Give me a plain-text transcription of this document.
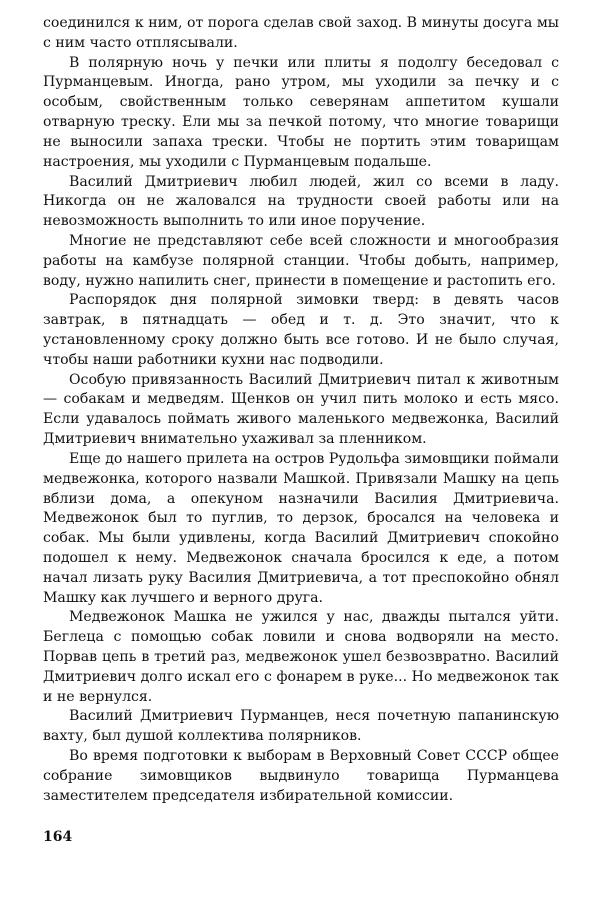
соединился к ним, от порога сделав свой заход. В минуты досуга мы с ним часто отплясывали.

В полярную ночь у печки или плиты я подолгу беседовал с Пурманцевым. Иногда, рано утром, мы уходили за печку и с особым, свойственным только северянам аппетитом кушали отварную треску. Ели мы за печкой потому, что многие товарищи не выносили запаха трески. Чтобы не портить этим товарищам настроения, мы уходили с Пурманцевым подальше.

Василий Дмитриевич любил людей, жил со всеми в ладу. Никогда он не жаловался на трудности своей работы или на невозможность выполнить то или иное поручение.

Многие не представляют себе всей сложности и многообразия работы на камбузе полярной станции. Чтобы добыть, например, воду, нужно напилить снег, принести в помещение и растопить его.

Распорядок дня полярной зимовки тверд: в девять часов завтрак, в пятнадцать — обед и т. д. Это значит, что к установленному сроку должно быть все готово. И не было случая, чтобы наши работники кухни нас подводили.

Особую привязанность Василий Дмитриевич питал к животным — собакам и медведям. Щенков он учил пить молоко и есть мясо. Если удавалось поймать живого маленького медвежонка, Василий Дмитриевич внимательно ухаживал за пленником.

Еще до нашего прилета на остров Рудольфа зимовщики поймали медвежонка, которого назвали Машкой. Привязали Машку на цепь вблизи дома, а опекуном назначили Василия Дмитриевича. Медвежонок был то пуглив, то дерзок, бросался на человека и собак. Мы были удивлены, когда Василий Дмитриевич спокойно подошел к нему. Медвежонок сначала бросился к еде, а потом начал лизать руку Василия Дмитриевича, а тот преспокойно обнял Машку как лучшего и верного друга.

Медвежонок Машка не ужился у нас, дважды пытался уйти. Беглеца с помощью собак ловили и снова водворяли на место. Порвав цепь в третий раз, медвежонок ушел безвозвратно. Василий Дмитриевич долго искал его с фонарем в руке... Но медвежонок так и не вернулся.

Василий Дмитриевич Пурманцев, неся почетную папанинскую вахту, был душой коллектива полярников.

Во время подготовки к выборам в Верховный Совет СССР общее собрание зимовщиков выдвинуло товарища Пурманцева заместителем председателя избирательной комиссии.

164
